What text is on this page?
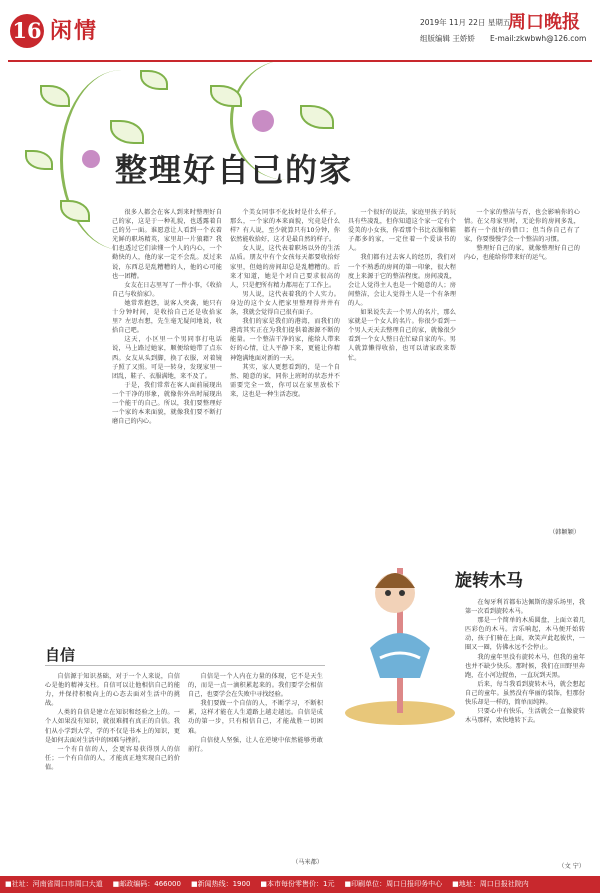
16 闲情	2019年 11月 22日 星期五
周口晚报
组版编辑 王娇娇 E-mail:zkwbwh@126.com
整理好自己的家

很多人都会在客人到来时整理好自己的家，这是于一种礼貌，也透露着自己的另一面。谁愿意让人看到一个衣着光鲜的职场精英，家里却一片狼藉？我们也透过它们读懂一个人的内心，一个勤快的人，他的家一定不会乱。反过来说，东西总是乱糟糟的人，他的心可能也一团糟。

女友在日志里写了一件小事，《收拾自己与收拾家》。

她常常抱怨，说客人突袭，她只有十分钟时间，是收拾自己还是收拾家里？左思右想，先生毫无疑问地说，收拾自己吧。

这天，小区里一个男同事打电话说，马上路过她家，顺便给她带了点东西。女友从头到脚，换了衣服，对着镜子照了又照。可是一转身，发现家里一团乱，鞋子、衣服满地，来不及了。

于是，我们常常在客人面前展现出一个干净的形象，就像你外出时展现出一个能干的自己。所以，我们要整理好一个家的本来面貌，就像我们要不断打磨自己的内心。

个美女同事不化妆时是什么样子。那么，一个家的本来面貌，究竟是什么样？有人说，至少就算只有10分钟，你依然能收拾好，这才是最自然的样子。

女人说，这代表着职场以外的生活品质。朋友中有个女孩每天都要收拾好家里，但她的房间却总是乱糟糟的。后来才知道，她是个对自己要求很高的人，只是把所有精力都用在了工作上。

男人说，这代表着我的个人实力。身边的这个女人把家里整理得井井有条，我就会觉得自己很有面子。

我们的家是我们的港湾，而我们的港湾其实正在为我们提供着源源不断的能量。一个整洁干净的家，能给人带来好的心情，让人平静下来，更能让你精神饱满地面对新的一天。

其实，家人更想看到的，是一个自然、随意的家，同你上班时的状态并不需要完全一致，你可以在家里放松下来，这也是一种生活态度。

一个很好的说法，家庭里孩子的玩具有些凌乱，但你知道这个家一定有个爱美的小女孩，你看那个书比衣服和鞋子都多的家，一定住着一个爱读书的人。

我们都有过去客人的经历，我们对一个不熟悉的房间的第一印象，很大程度上来源于它的整洁程度。房间凌乱，会让人觉得主人也是一个随意的人；房间整洁，会让人觉得主人是一个有条理的人。

如果说失去一个男人的名片，那么家就是一个女人的名片。你很少看到一个男人天天去整理自己的家，就像很少看到一个女人整日在忙碌自家的车。男人就算懒得收拾，也可以请家政来帮忙。

一个家的整洁与否，也会影响你的心情。在父母家里时，无论你的房间多乱，都有一个很好的借口；但当你自己有了家，你要慢慢学会一个整洁的习惯。

整理好自己的家，就像整理好自己的内心，也能给你带来好的运气。

（韩颖颖）

旋转木马

在匈牙利首都布达佩斯的游乐场里，我第一次看到旋转木马。

那是一个简单的木质圆盘，上面立着几匹彩色的木马。音乐响起，木马便开始转动，孩子们骑在上面，欢笑声此起彼伏，一圈又一圈，仿佛永远不会停止。

我的童年里没有旋转木马，但我的童年也并不缺少快乐。那时候，我们在田野里奔跑，在小河边捉鱼，一直玩到天黑。

后来，每当我看到旋转木马，就会想起自己的童年。虽然没有华丽的装饰，但那份快乐却是一样的，简单而纯粹。

只要心中有快乐，生活就会一直像旋转木马那样，欢快地转下去。

（文 宁）

自信

自信源于知识基础，对于一个人来说，自信心是他的精神支柱。自信可以让他相信自己的能力，并保持积极向上的心态去面对生活中的挑战。

人类的自信是建立在知识和经验之上的。一个人如果没有知识，就很难拥有真正的自信。我们从小学到大学，学的不仅是书本上的知识，更是如何去面对生活中的困难与挫折。

一个有自信的人，会更容易获得别人的信任；一个有自信的人，才能真正地实现自己的价值。

自信是一个人内在力量的体现，它不是天生的，而是一点一滴积累起来的。我们要学会相信自己，也要学会在失败中寻找经验。

我们要做一个自信的人，不断学习，不断积累，这样才能在人生道路上越走越远。自信是成功的第一步，只有相信自己，才能战胜一切困难。

自信使人坚强，让人在逆境中依然能够勇敢前行。

（马米都）

■社址：河南省周口市周口大道 ■邮政编码：466000 ■新闻热线：1900 ■本市每份零售价：1元 ■印刷单位：周口日报印务中心 ■地址：周口日报社院内
